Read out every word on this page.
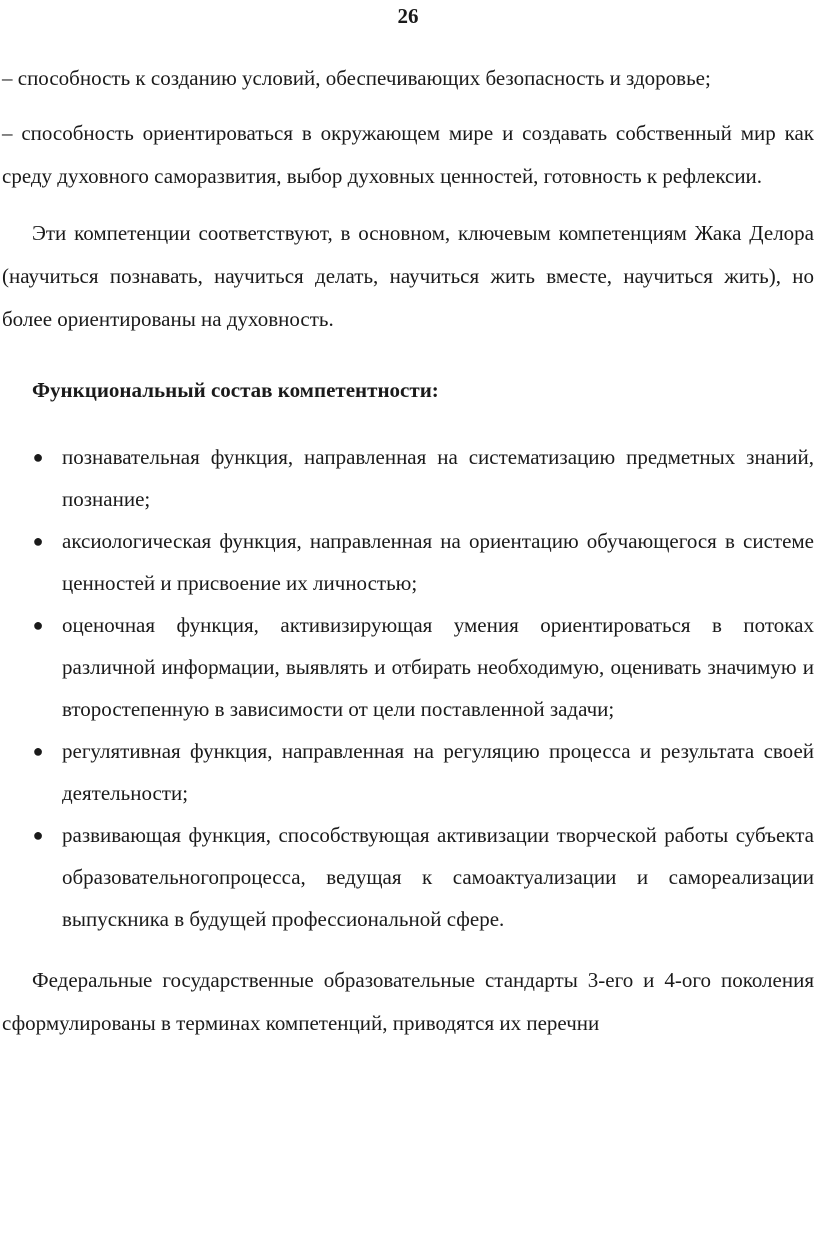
26

– способность к созданию условий, обеспечивающих безопасность и здоровье;

– способность ориентироваться в окружающем мире и создавать собственный мир как среду духовного саморазвития, выбор духовных ценностей, готовность к рефлексии.

Эти компетенции соответствуют, в основном, ключевым компетенциям Жака Делора (научиться познавать, научиться делать, научиться жить вместе, научиться жить), но более ориентированы на духовность.

Функциональный состав компетентности:

● познавательная функция, направленная на систематизацию предметных знаний, познание;
● аксиологическая функция, направленная на ориентацию обучающегося в системе ценностей и присвоение их личностью;
● оценочная функция, активизирующая умения ориентироваться в потоках различной информации, выявлять и отбирать необходимую, оценивать значимую и второстепенную в зависимости от цели поставленной задачи;
● регулятивная функция, направленная на регуляцию процесса и результата своей деятельности;
● развивающая функция, способствующая активизации творческой работы субъекта образовательногопроцесса, ведущая к самоактуализации и самореализации выпускника в будущей профессиональной сфере.

Федеральные государственные образовательные стандарты 3-его и 4-ого поколения сформулированы в терминах компетенций, приводятся их перечни
